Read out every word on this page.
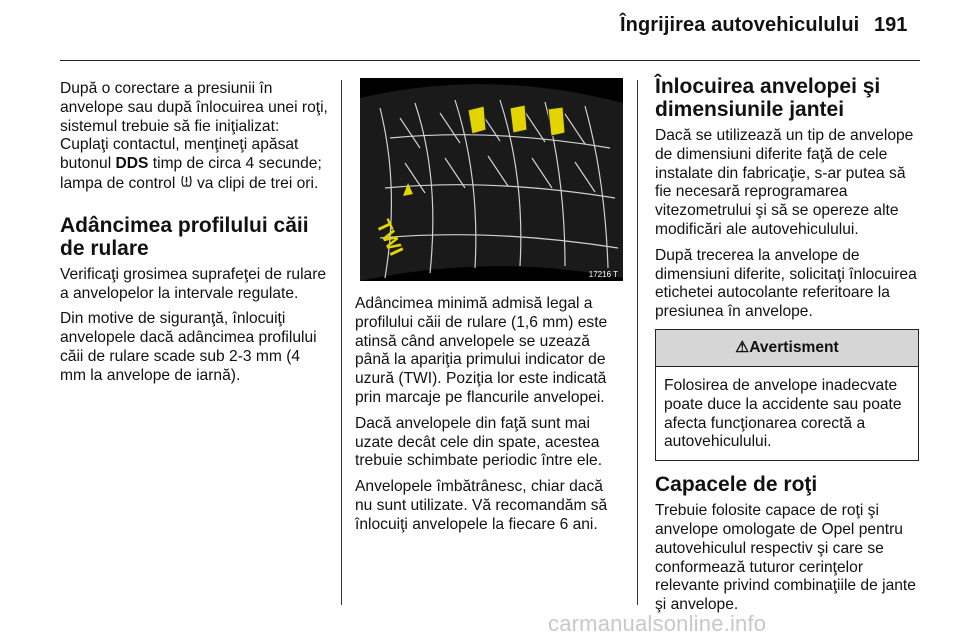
Îngrijirea autovehiculului 191

După o corectare a presiunii în anvelope sau după înlocuirea unei roţi, sistemul trebuie să fie iniţializat: Cuplaţi contactul, menţineţi apăsat butonul DDS timp de circa 4 secunde; lampa de control  va clipi de trei ori.

Adâncimea profilului căii de rulare

Verificaţi grosimea suprafeţei de rulare a anvelopelor la intervale regulate.

Din motive de siguranţă, înlocuiţi anvelopele dacă adâncimea profilului căii de rulare scade sub 2-3 mm (4 mm la anvelope de iarnă).

TWI
17216 T

Adâncimea minimă admisă legal a profilului căii de rulare (1,6 mm) este atinsă când anvelopele se uzează până la apariţia primului indicator de uzură (TWI). Poziţia lor este indicată prin marcaje pe flancurile anvelopei.

Dacă anvelopele din faţă sunt mai uzate decât cele din spate, acestea trebuie schimbate periodic între ele.

Anvelopele îmbătrânesc, chiar dacă nu sunt utilizate. Vă recomandăm să înlocuiţi anvelopele la fiecare 6 ani.

Înlocuirea anvelopei şi dimensiunile jantei

Dacă se utilizează un tip de anvelope de dimensiuni diferite faţă de cele instalate din fabricaţie, s-ar putea să fie necesară reprogramarea vitezometrului şi să se opereze alte modificări ale autovehiculului.

După trecerea la anvelope de dimensiuni diferite, solicitaţi înlocuirea etichetei autocolante referitoare la presiunea în anvelope.

⚠Avertisment

Folosirea de anvelope inadecvate poate duce la accidente sau poate afecta funcţionarea corectă a autovehiculului.

Capacele de roţi

Trebuie folosite capace de roţi şi anvelope omologate de Opel pentru autovehiculul respectiv şi care se conformează tuturor cerinţelor relevante privind combinaţiile de jante şi anvelope.

carmanualsonline.info
